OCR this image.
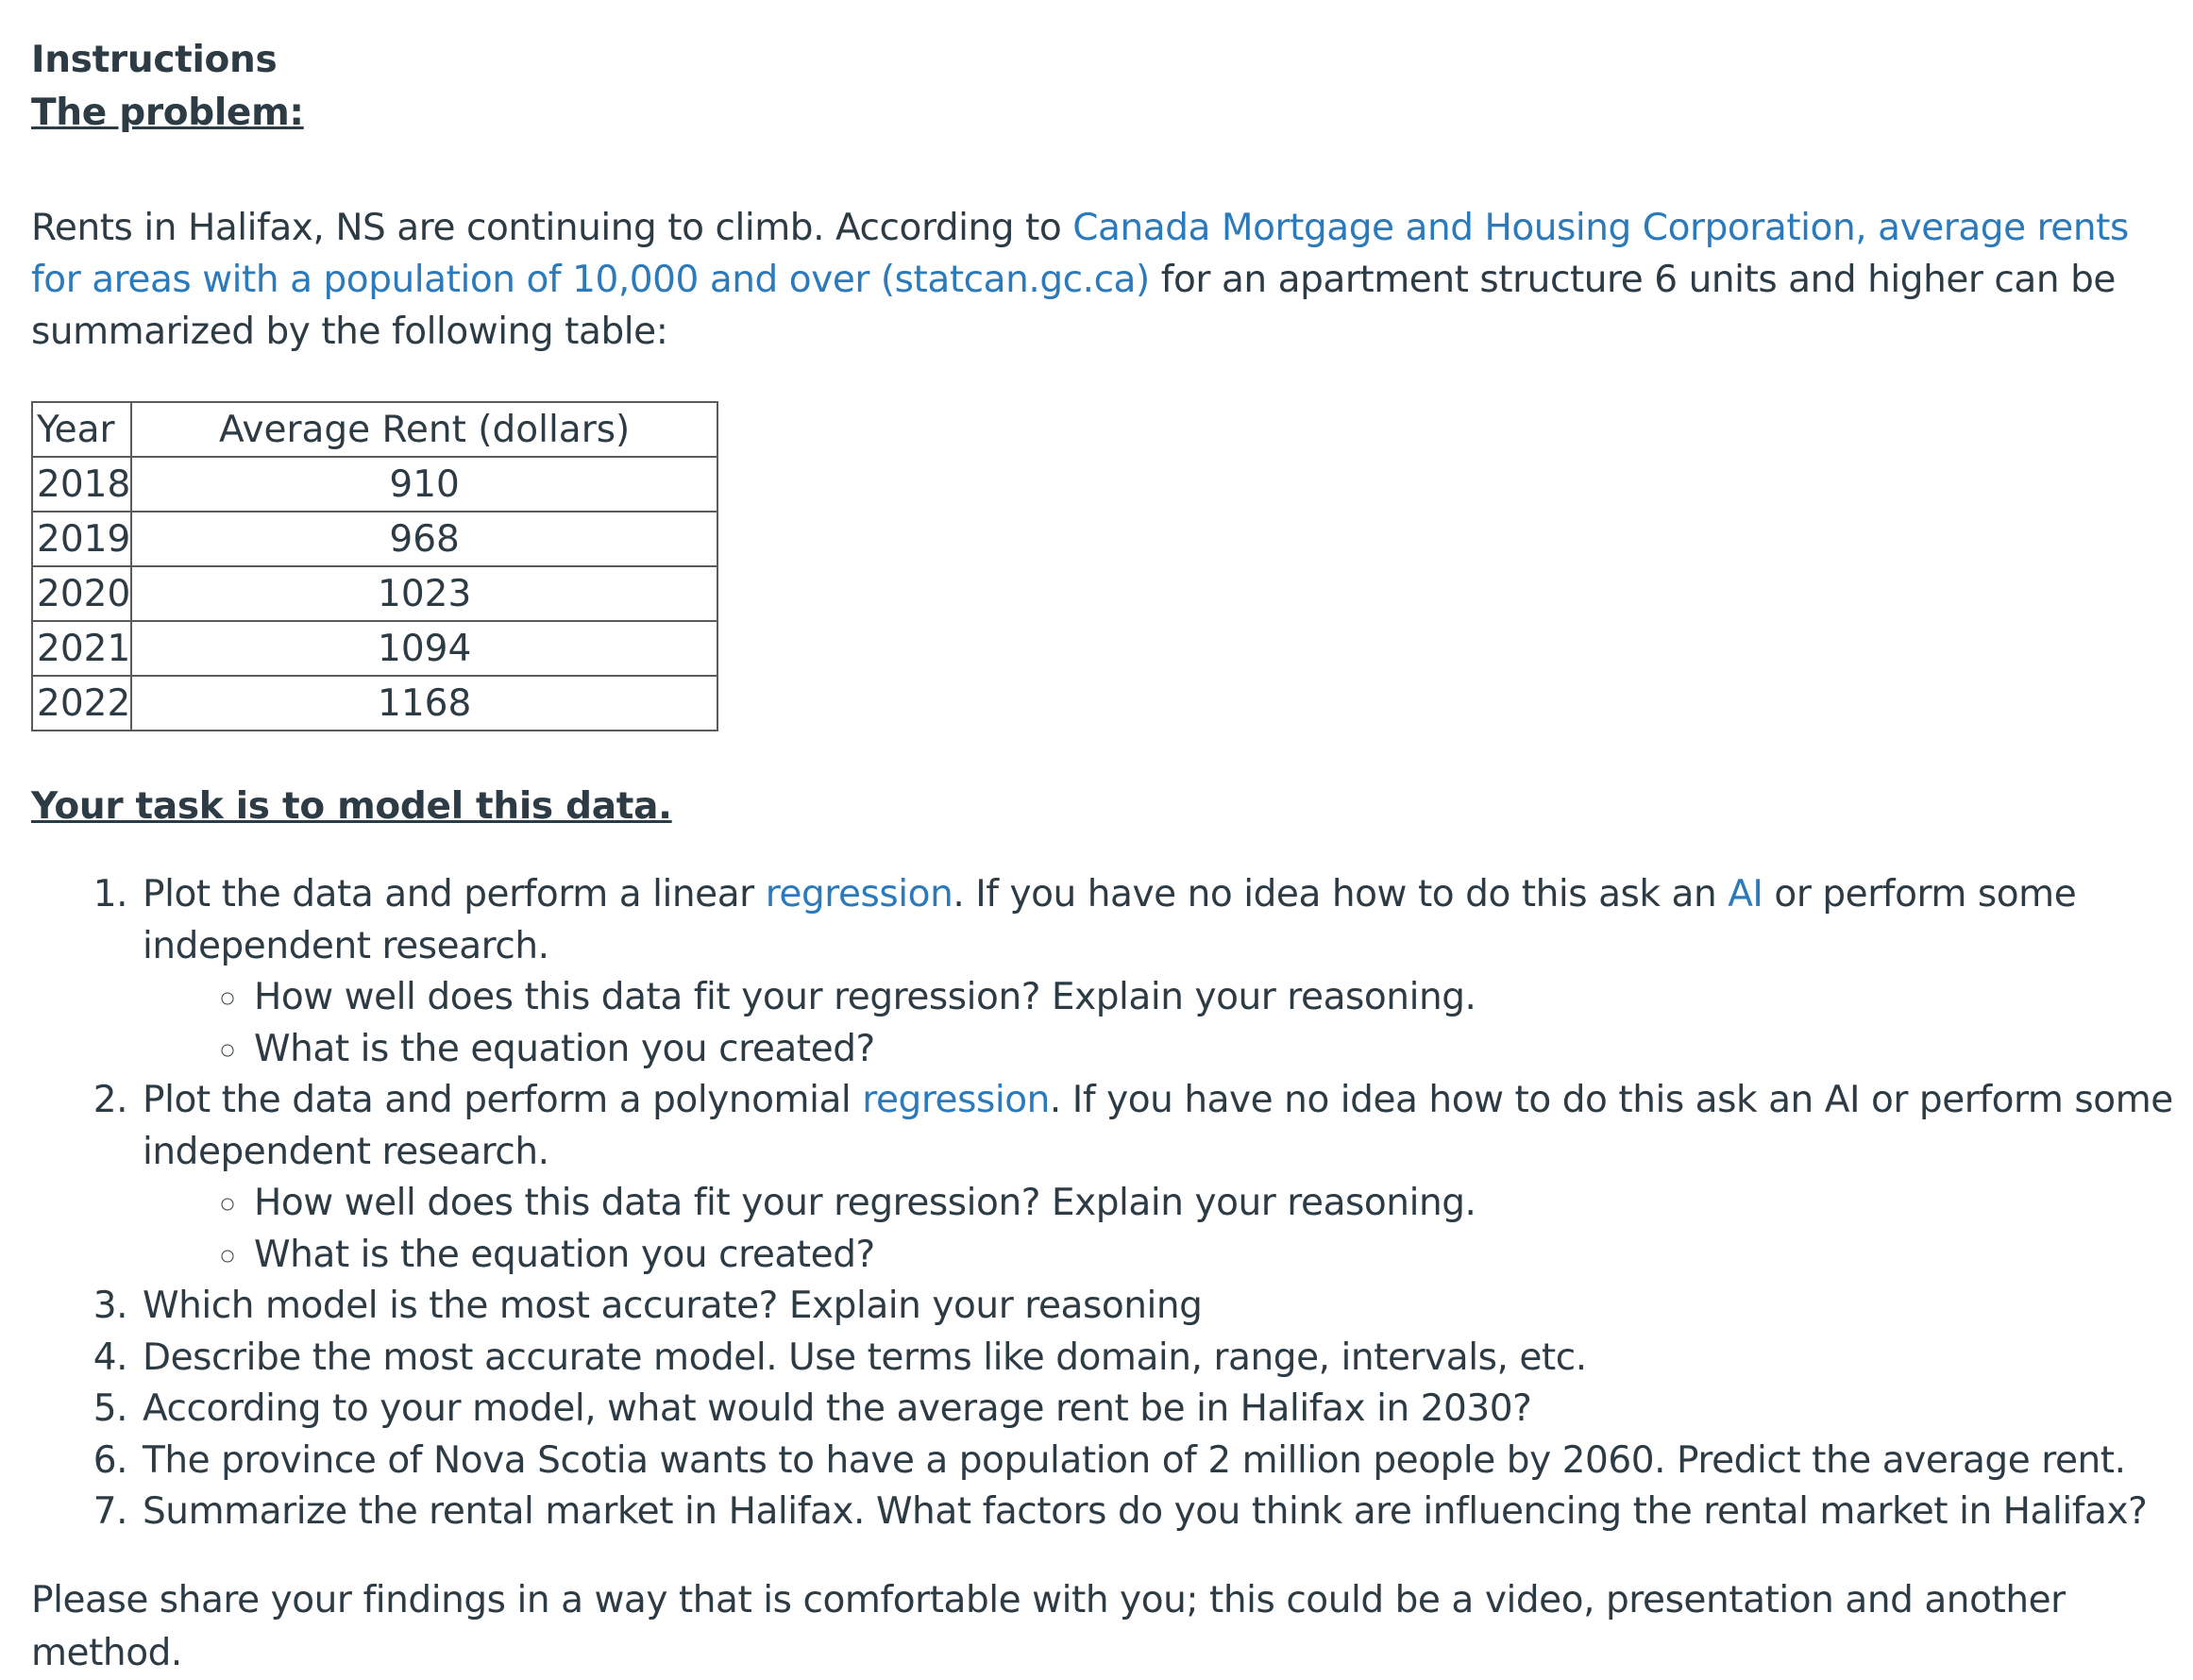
Instructions
The problem:

Rents in Halifax, NS are continuing to climb. According to Canada Mortgage and Housing Corporation, average rents for areas with a population of 10,000 and over (statcan.gc.ca) for an apartment structure 6 units and higher can be summarized by the following table:

Year	Average Rent (dollars)
2018	910
2019	968
2020	1023
2021	1094
2022	1168

Your task is to model this data.

1. Plot the data and perform a linear regression. If you have no idea how to do this ask an AI or perform some independent research.
◦ How well does this data fit your regression? Explain your reasoning.
◦ What is the equation you created?
2. Plot the data and perform a polynomial regression. If you have no idea how to do this ask an AI or perform some independent research.
◦ How well does this data fit your regression? Explain your reasoning.
◦ What is the equation you created?
3. Which model is the most accurate? Explain your reasoning
4. Describe the most accurate model. Use terms like domain, range, intervals, etc.
5. According to your model, what would the average rent be in Halifax in 2030?
6. The province of Nova Scotia wants to have a population of 2 million people by 2060. Predict the average rent.
7. Summarize the rental market in Halifax. What factors do you think are influencing the rental market in Halifax?

Please share your findings in a way that is comfortable with you; this could be a video, presentation and another method.
